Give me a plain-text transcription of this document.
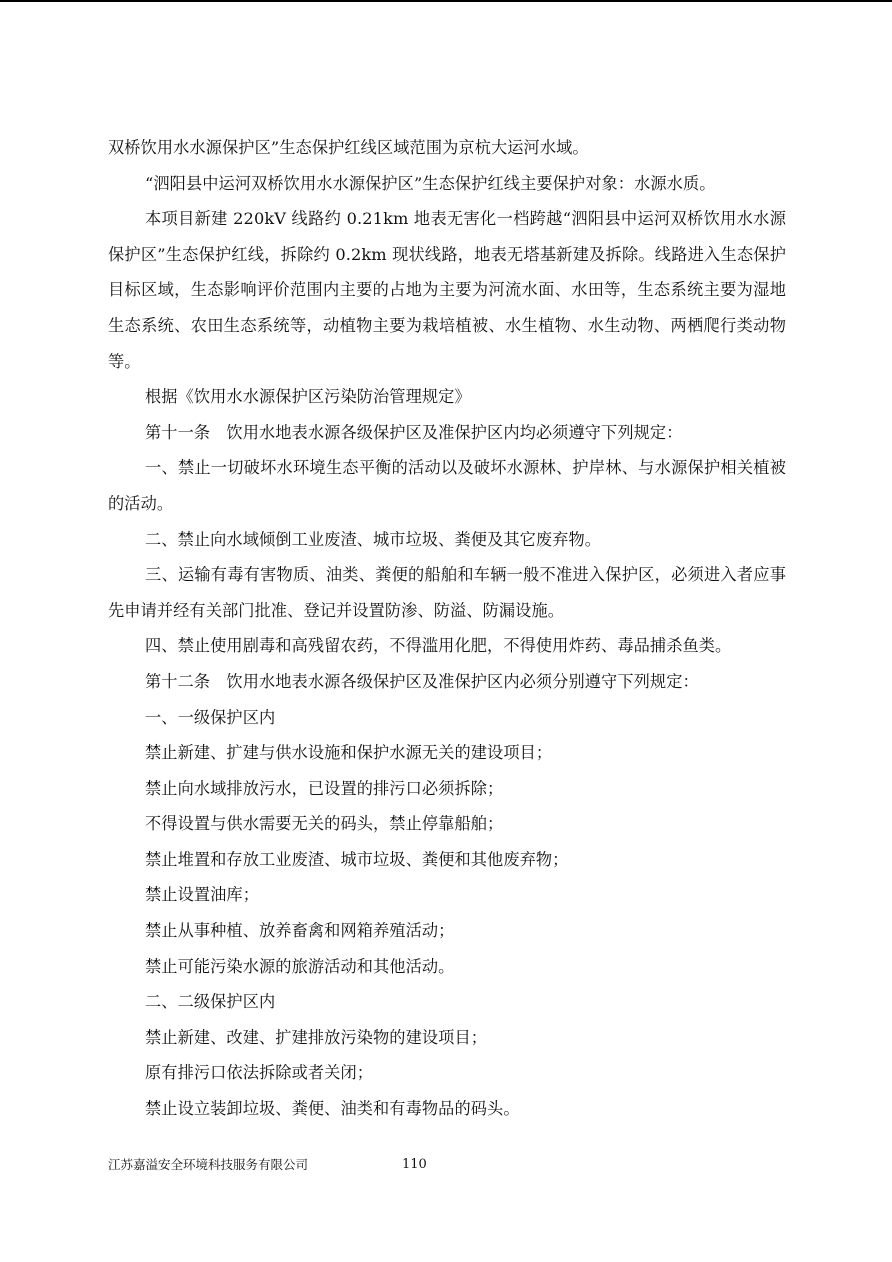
双桥饮用水水源保护区”生态保护红线区域范围为京杭大运河水域。

“泗阳县中运河双桥饮用水水源保护区”生态保护红线主要保护对象：水源水质。

本项目新建 220kV 线路约 0.21km 地表无害化一档跨越“泗阳县中运河双桥饮用水水源保护区”生态保护红线，拆除约 0.2km 现状线路，地表无塔基新建及拆除。线路进入生态保护目标区域，生态影响评价范围内主要的占地为主要为河流水面、水田等，生态系统主要为湿地生态系统、农田生态系统等，动植物主要为栽培植被、水生植物、水生动物、两栖爬行类动物等。

根据《饮用水水源保护区污染防治管理规定》

第十一条　饮用水地表水源各级保护区及准保护区内均必须遵守下列规定：

一、禁止一切破坏水环境生态平衡的活动以及破坏水源林、护岸林、与水源保护相关植被的活动。

二、禁止向水域倾倒工业废渣、城市垃圾、粪便及其它废弃物。

三、运输有毒有害物质、油类、粪便的船舶和车辆一般不准进入保护区，必须进入者应事先申请并经有关部门批准、登记并设置防渗、防溢、防漏设施。

四、禁止使用剧毒和高残留农药，不得滥用化肥，不得使用炸药、毒品捕杀鱼类。

第十二条　饮用水地表水源各级保护区及准保护区内必须分别遵守下列规定：

一、一级保护区内

禁止新建、扩建与供水设施和保护水源无关的建设项目；

禁止向水域排放污水，已设置的排污口必须拆除；

不得设置与供水需要无关的码头，禁止停靠船舶；

禁止堆置和存放工业废渣、城市垃圾、粪便和其他废弃物；

禁止设置油库；

禁止从事种植、放养畜禽和网箱养殖活动；

禁止可能污染水源的旅游活动和其他活动。

二、二级保护区内

禁止新建、改建、扩建排放污染物的建设项目；

原有排污口依法拆除或者关闭；

禁止设立装卸垃圾、粪便、油类和有毒物品的码头。

江苏嘉溢安全环境科技服务有限公司	110
